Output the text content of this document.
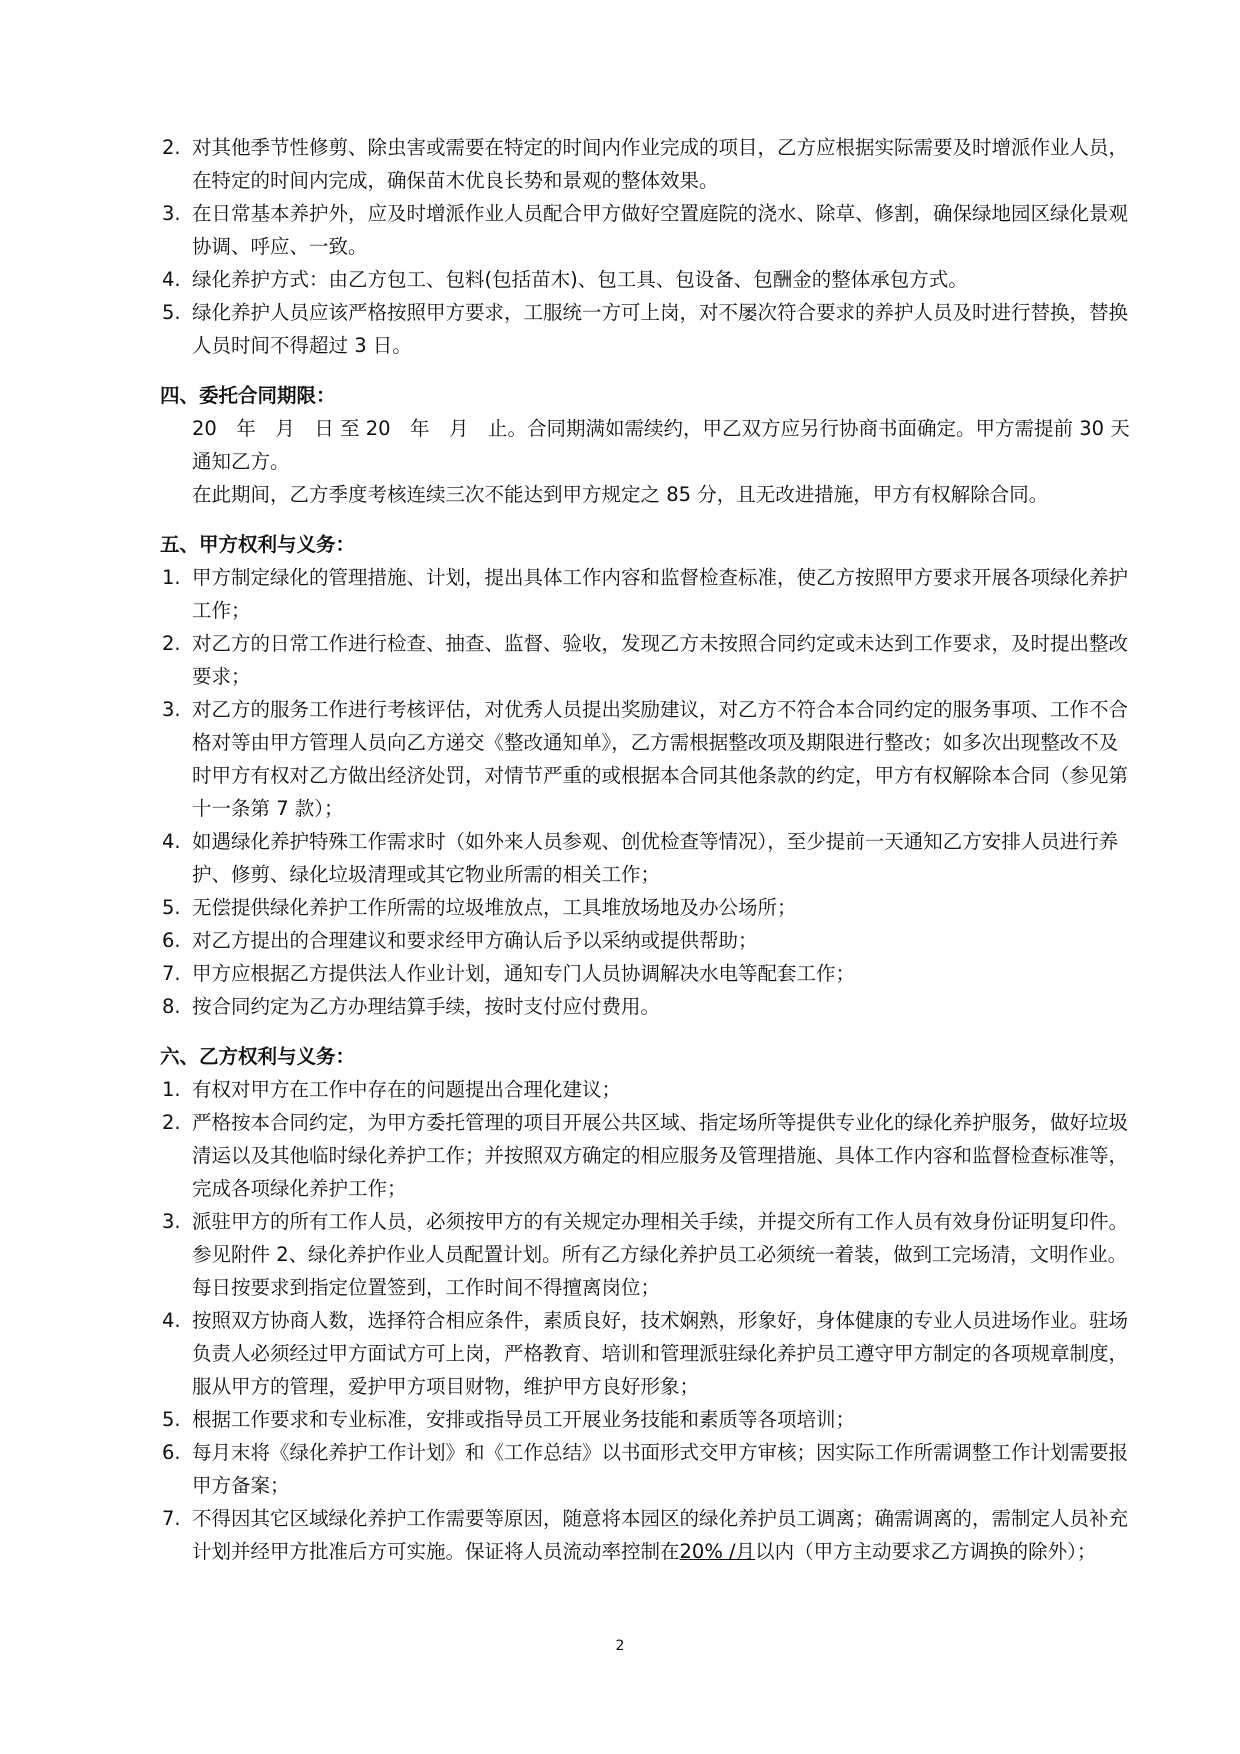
2. 对其他季节性修剪、除虫害或需要在特定的时间内作业完成的项目，乙方应根据实际需要及时增派作业人员，在特定的时间内完成，确保苗木优良长势和景观的整体效果。
3. 在日常基本养护外，应及时增派作业人员配合甲方做好空置庭院的浇水、除草、修割，确保绿地园区绿化景观协调、呼应、一致。
4. 绿化养护方式：由乙方包工、包料(包括苗木)、包工具、包设备、包酬金的整体承包方式。
5. 绿化养护人员应该严格按照甲方要求，工服统一方可上岗，对不屡次符合要求的养护人员及时进行替换，替换人员时间不得超过 3 日。
四、委托合同期限：

20　年　月　日 至 20　年　月　止。合同期满如需续约，甲乙双方应另行协商书面确定。甲方需提前 30 天通知乙方。

在此期间，乙方季度考核连续三次不能达到甲方规定之 85 分，且无改进措施，甲方有权解除合同。

五、甲方权利与义务：
1. 甲方制定绿化的管理措施、计划，提出具体工作内容和监督检查标准，使乙方按照甲方要求开展各项绿化养护工作；
2. 对乙方的日常工作进行检查、抽查、监督、验收，发现乙方未按照合同约定或未达到工作要求，及时提出整改要求；
3. 对乙方的服务工作进行考核评估，对优秀人员提出奖励建议，对乙方不符合本合同约定的服务事项、工作不合格对等由甲方管理人员向乙方递交《整改通知单》，乙方需根据整改项及期限进行整改；如多次出现整改不及时甲方有权对乙方做出经济处罚，对情节严重的或根据本合同其他条款的约定，甲方有权解除本合同（参见第十一条第 7 款）；
4. 如遇绿化养护特殊工作需求时（如外来人员参观、创优检查等情况），至少提前一天通知乙方安排人员进行养护、修剪、绿化垃圾清理或其它物业所需的相关工作；
5. 无偿提供绿化养护工作所需的垃圾堆放点，工具堆放场地及办公场所；
6. 对乙方提出的合理建议和要求经甲方确认后予以采纳或提供帮助；
7. 甲方应根据乙方提供法人作业计划，通知专门人员协调解决水电等配套工作；
8. 按合同约定为乙方办理结算手续，按时支付应付费用。
六、乙方权利与义务：
1. 有权对甲方在工作中存在的问题提出合理化建议；
2. 严格按本合同约定，为甲方委托管理的项目开展公共区域、指定场所等提供专业化的绿化养护服务，做好垃圾清运以及其他临时绿化养护工作；并按照双方确定的相应服务及管理措施、具体工作内容和监督检查标准等，完成各项绿化养护工作；
3. 派驻甲方的所有工作人员，必须按甲方的有关规定办理相关手续，并提交所有工作人员有效身份证明复印件。参见附件 2、绿化养护作业人员配置计划。所有乙方绿化养护员工必须统一着装，做到工完场清，文明作业。每日按要求到指定位置签到，工作时间不得擅离岗位；
4. 按照双方协商人数，选择符合相应条件，素质良好，技术娴熟，形象好，身体健康的专业人员进场作业。驻场负责人必须经过甲方面试方可上岗，严格教育、培训和管理派驻绿化养护员工遵守甲方制定的各项规章制度，服从甲方的管理，爱护甲方项目财物，维护甲方良好形象；
5. 根据工作要求和专业标准，安排或指导员工开展业务技能和素质等各项培训；
6. 每月末将《绿化养护工作计划》和《工作总结》以书面形式交甲方审核；因实际工作所需调整工作计划需要报甲方备案；
7. 不得因其它区域绿化养护工作需要等原因，随意将本园区的绿化养护员工调离；确需调离的，需制定人员补充计划并经甲方批准后方可实施。保证将人员流动率控制在20% /月以内（甲方主动要求乙方调换的除外）；
2
